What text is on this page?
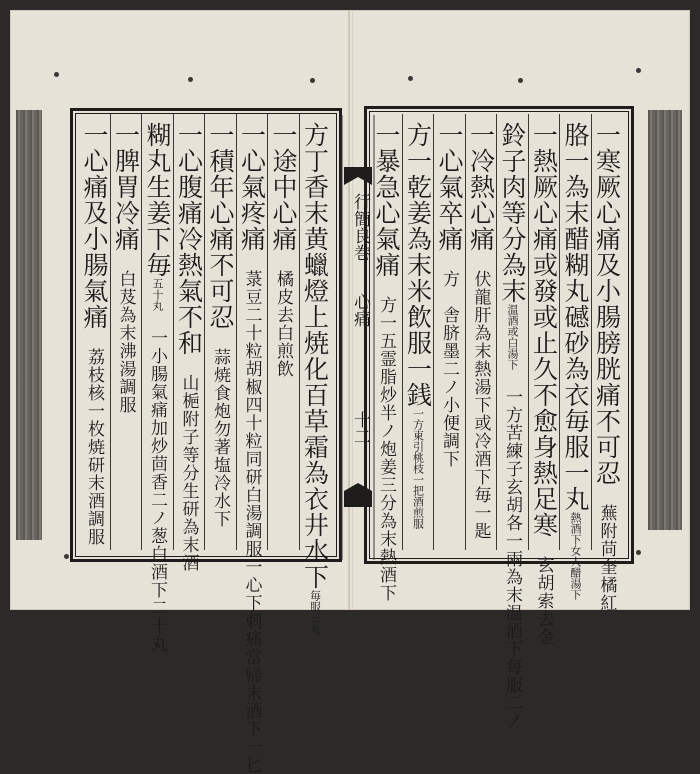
行簡良巻
心痛
十二	一寒厥心痛及小腸膀胱痛不可忍　蕪附苘奎橘紅
胳一為末醋糊丸䃭砂為衣毎服一丸熱酒下女人醋湯下
一熱厥心痛或發或止久不愈身熱足寒　玄胡索去金
鈴子肉等分為末温酒或白湯下　一方苦練子玄胡各一兩為末温酒下每服二ノ
一冷熱心痛　伏龍肝為末熱湯下或冷酒下毎一匙
一心氣卒痛　方　舎脐墨二ノ小便調下
方一乾姜為末米飲服一銭一方東引桃枝一把酒煎服
一暴急心氣痛　方一五霊脂炒半ノ炮姜三分為末熱酒下
方丁香末黄蠟燈上焼化百草霜為衣井水下毎服三丸
一途中心痛　橘皮去白煎飲
一心氣疼痛　菉豆二十粒胡椒四十粒同研白湯調服一心下刺痛當帰末酒下一匕
一積年心痛不可忍　蒜焼食炮勿著塩冷水下
一心腹痛冷熱氣不和　山梔附子等分生研為末酒
糊丸生姜下毎五十丸　一小腸氣痛加炒茴香二ノ葱白酒下二十丸
一脾胃冷痛　白芨為末沸湯調服
一心痛及小腸氣痛　荔枝核一枚焼研末酒調服
